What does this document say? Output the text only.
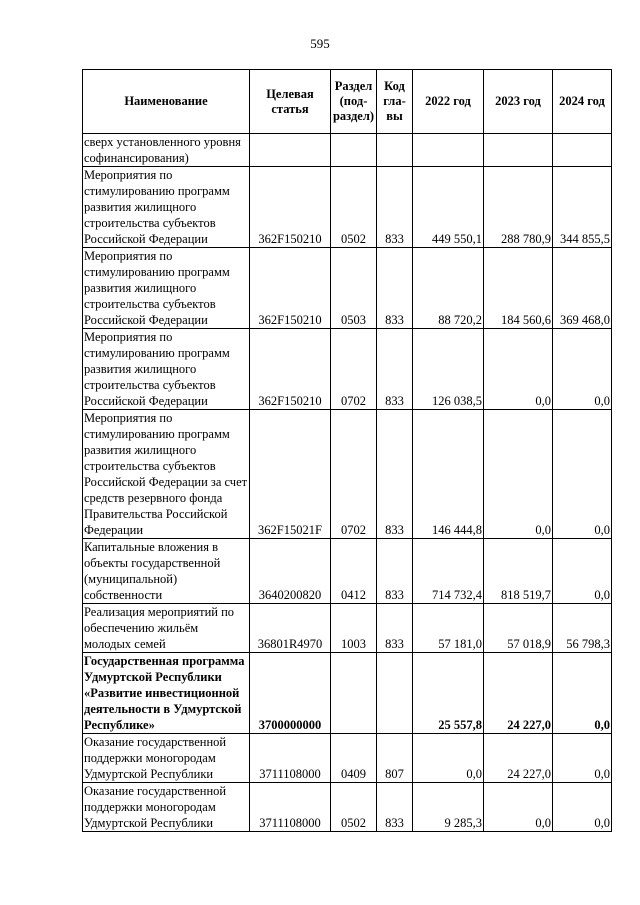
595
Наименование	Целевая статья	Раздел (под-раздел)	Код гла-вы	2022 год	2023 год	2024 год
сверх установленного уровня софинансирования)						
Мероприятия по стимулированию программ развития жилищного строительства субъектов Российской Федерации	362F150210	0502	833	449 550,1	288 780,9	344 855,5
Мероприятия по стимулированию программ развития жилищного строительства субъектов Российской Федерации	362F150210	0503	833	88 720,2	184 560,6	369 468,0
Мероприятия по стимулированию программ развития жилищного строительства субъектов Российской Федерации	362F150210	0702	833	126 038,5	0,0	0,0
Мероприятия по стимулированию программ развития жилищного строительства субъектов Российской Федерации за счет средств резервного фонда Правительства Российской Федерации	362F15021F	0702	833	146 444,8	0,0	0,0
Капитальные вложения в объекты государственной (муниципальной) собственности	3640200820	0412	833	714 732,4	818 519,7	0,0
Реализация мероприятий по обеспечению жильём молодых семей	36801R4970	1003	833	57 181,0	57 018,9	56 798,3
Государственная программа Удмуртской Республики «Развитие инвестиционной деятельности в Удмуртской Республике»	3700000000			25 557,8	24 227,0	0,0
Оказание государственной поддержки моногородам Удмуртской Республики	3711108000	0409	807	0,0	24 227,0	0,0
Оказание государственной поддержки моногородам Удмуртской Республики	3711108000	0502	833	9 285,3	0,0	0,0
